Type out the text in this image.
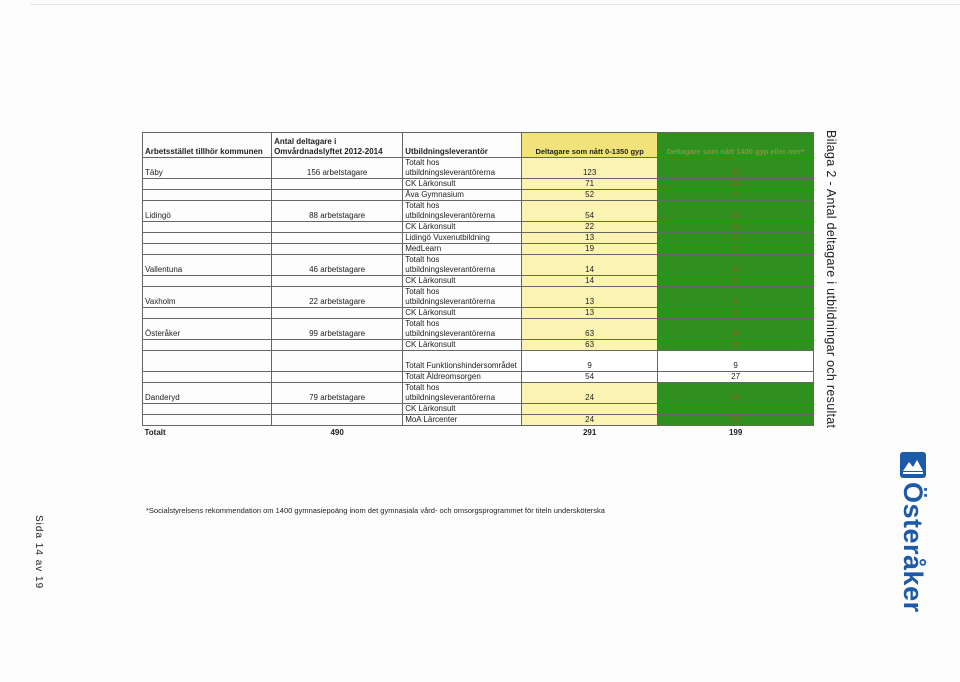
Arbetsstället tillhör kommunen	Antal deltagare i Omvårdnadslyftet 2012-2014	Utbildningsleverantör	Deltagare som nått 0-1350 gyp	Deltagare som nått 1400 gyp eller mer*
Täby	156 arbetstagare	Totalt hos utbildningsleverantörerna	123	33
		CK Lärkonsult	71	24
		Åva Gymnasium	52	9
Lidingö	88 arbetstagare	Totalt hos utbildningsleverantörerna	54	34
		CK Lärkonsult	22	34
		Lidingö Vuxenutbildning	13	0
		MedLearn	19	0
Vallentuna	46 arbetstagare	Totalt hos utbildningsleverantörerna	14	32
		CK Lärkonsult	14	32
Vaxholm	22 arbetstagare	Totalt hos utbildningsleverantörerna	13	9
		CK Lärkonsult	13	9
Österåker	99 arbetstagare	Totalt hos utbildningsleverantörerna	63	36
		CK Lärkonsult	63	36
		Totalt Funktionshindersområdet	9	9
		Totalt Äldreomsorgen	54	27
Danderyd	79 arbetstagare	Totalt hos utbildningsleverantörerna	24	55
		CK Lärkonsult		1
		MoA Lärcenter	24	54
Totalt	490		291	199
*Socialstyrelsens rekommendation om 1400 gymnasiepoäng inom det gymnasiala vård- och omsorgsprogrammet för titeln undersköterska
Bilaga 2 - Antal deltagare i utbildningar och resultat
Sida 14 av 19	Österåker
